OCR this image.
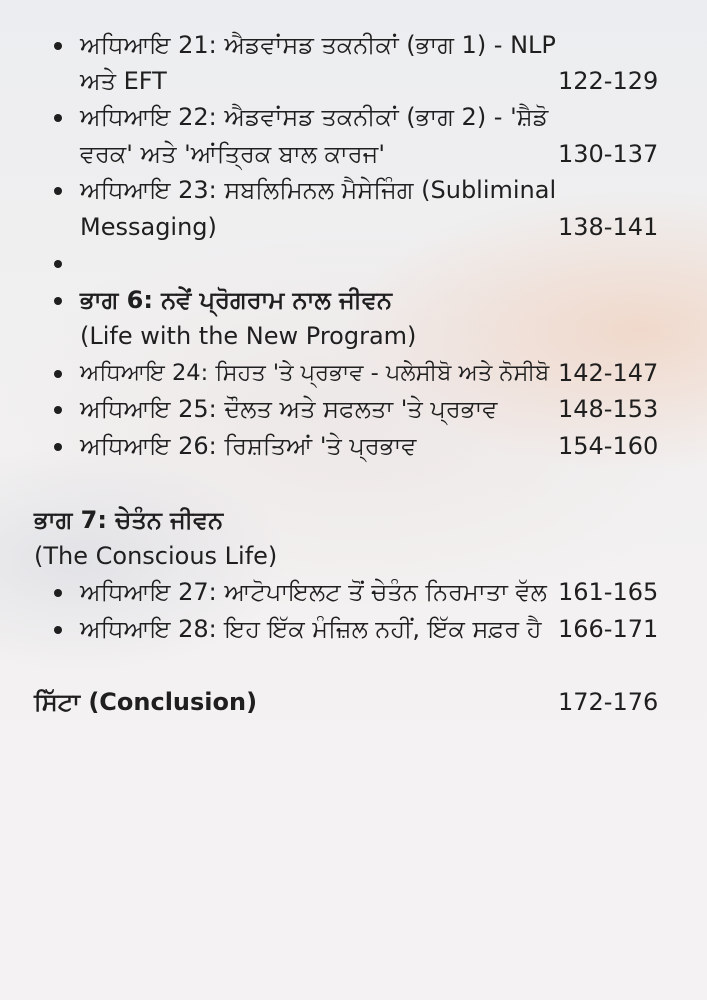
ਅਧਿਆਇ 21: ਐਡਵਾਂਸਡ ਤਕਨੀਕਾਂ (ਭਾਗ 1) - NLP
ਅਤੇ EFT	122-129
ਅਧਿਆਇ 22: ਐਡਵਾਂਸਡ ਤਕਨੀਕਾਂ (ਭਾਗ 2) - 'ਸ਼ੈਡੋ
ਵਰਕ' ਅਤੇ 'ਆਂਤ੍ਰਿਕ ਬਾਲ ਕਾਰਜ'	130-137
ਅਧਿਆਇ 23: ਸਬਲਿਮਿਨਲ ਮੈਸੇਜਿੰਗ (Subliminal
Messaging)	138-141
ਭਾਗ 6: ਨਵੇਂ ਪ੍ਰੋਗਰਾਮ ਨਾਲ ਜੀਵਨ
(Life with the New Program)
ਅਧਿਆਇ 24: ਸਿਹਤ 'ਤੇ ਪ੍ਰਭਾਵ - ਪਲੇਸੀਬੋ ਅਤੇ ਨੋਸੀਬੋ 142-147
ਅਧਿਆਇ 25: ਦੌਲਤ ਅਤੇ ਸਫਲਤਾ 'ਤੇ ਪ੍ਰਭਾਵ	148-153
ਅਧਿਆਇ 26: ਰਿਸ਼ਤਿਆਂ 'ਤੇ ਪ੍ਰਭਾਵ	154-160
ਭਾਗ 7: ਚੇਤੰਨ ਜੀਵਨ
(The Conscious Life)
ਅਧਿਆਇ 27: ਆਟੋਪਾਇਲਟ ਤੋਂ ਚੇਤੰਨ ਨਿਰਮਾਤਾ ਵੱਲ 161-165
ਅਧਿਆਇ 28: ਇਹ ਇੱਕ ਮੰਜ਼ਿਲ ਨਹੀਂ, ਇੱਕ ਸਫ਼ਰ ਹੈ 166-171
ਸਿੱਟਾ (Conclusion)	172-176
